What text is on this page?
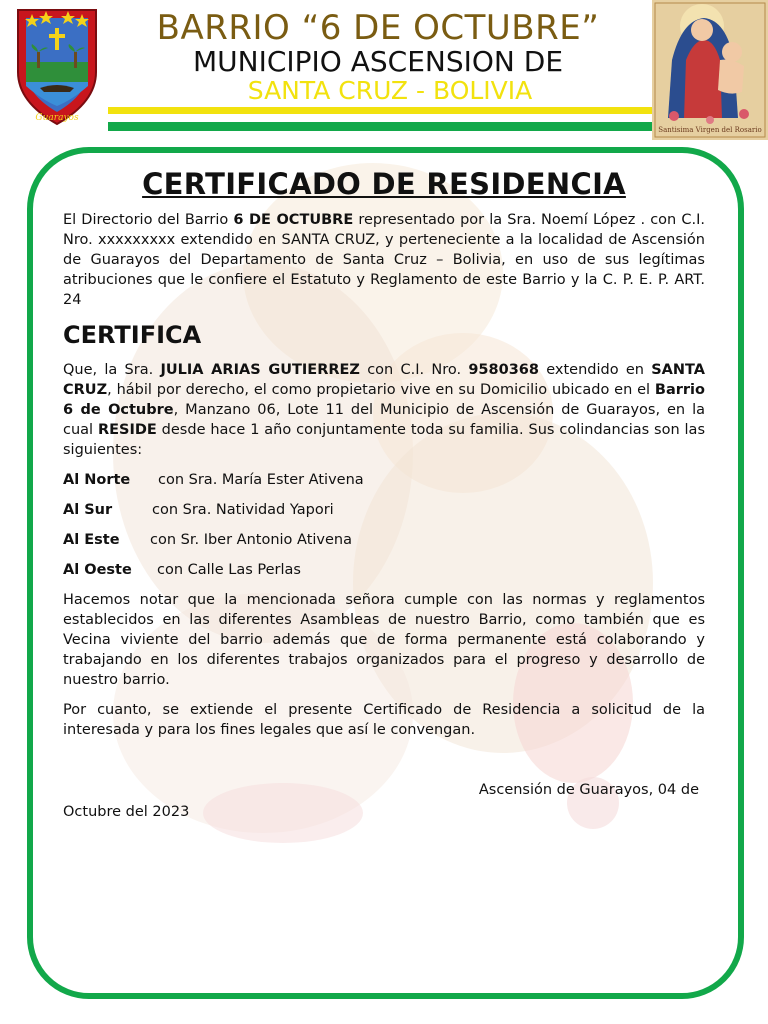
Guarayos
BARRIO “6 DE OCTUBRE”
MUNICIPIO ASCENSION DE
SANTA CRUZ - BOLIVIA
Santisima Virgen del Rosario
CERTIFICADO DE RESIDENCIA

El Directorio del Barrio 6 DE OCTUBRE representado por la Sra. Noemí López . con C.I. Nro. xxxxxxxxx extendido en SANTA CRUZ, y perteneciente a la localidad de Ascensión de Guarayos del Departamento de Santa Cruz – Bolivia, en uso de sus legítimas atribuciones que le confiere el Estatuto y Reglamento de este Barrio y la C. P. E. P. ART. 24

CERTIFICA

Que, la Sra. JULIA ARIAS GUTIERREZ con C.I. Nro. 9580368 extendido en SANTA CRUZ, hábil por derecho, el como propietario vive en su Domicilio ubicado en el Barrio 6 de Octubre, Manzano 06, Lote 11 del Municipio de Ascensión de Guarayos, en la cual RESIDE desde hace 1 año conjuntamente toda su familia. Sus colindancias son las siguientes:

Al Norte con Sra. María Ester Ativena
Al Sur	con Sra. Natividad Yapori
Al Este con Sr. Iber Antonio Ativena
Al Oeste con Calle Las Perlas

Hacemos notar que la mencionada señora cumple con las normas y reglamentos establecidos en las diferentes Asambleas de nuestro Barrio, como también que es Vecina viviente del barrio además que de forma permanente está colaborando y trabajando en los diferentes trabajos organizados para el progreso y desarrollo de nuestro barrio.

Por cuanto, se extiende el presente Certificado de Residencia a solicitud de la interesada y para los fines legales que así le convengan.

Ascensión de Guarayos, 04 de
Octubre del 2023
